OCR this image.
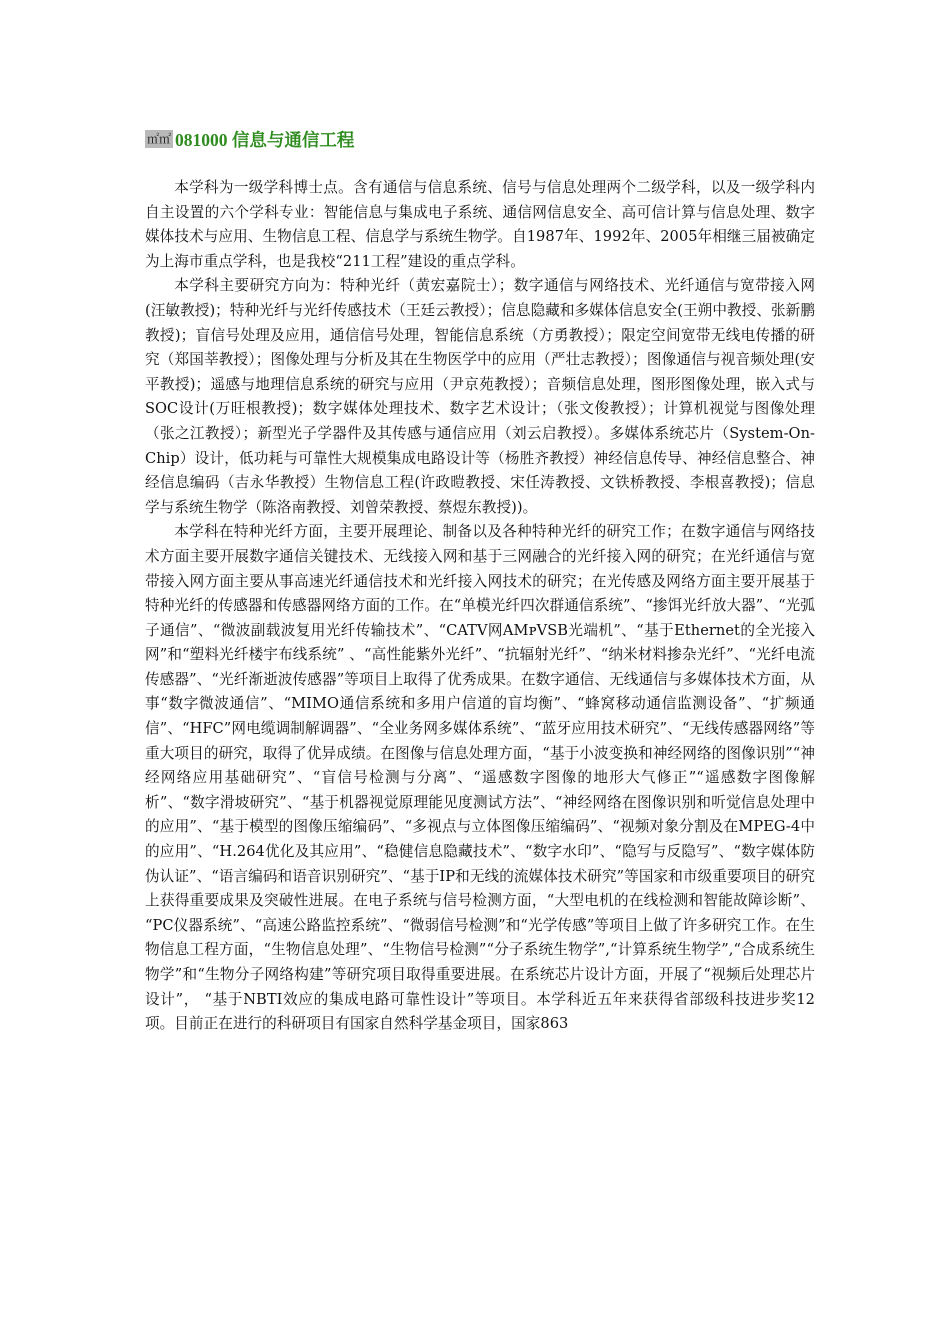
㎡㎡ 081000 信息与通信工程

本学科为一级学科博士点。含有通信与信息系统、信号与信息处理两个二级学科，以及一级学科内自主设置的六个学科专业：智能信息与集成电子系统、通信网信息安全、高可信计算与信息处理、数字媒体技术与应用、生物信息工程、信息学与系统生物学。自1987年、1992年、2005年相继三届被确定为上海市重点学科，也是我校“211工程”建设的重点学科。

本学科主要研究方向为：特种光纤（黄宏嘉院士）；数字通信与网络技术、光纤通信与宽带接入网(汪敏教授)；特种光纤与光纤传感技术（王廷云教授）；信息隐藏和多媒体信息安全(王朔中教授、张新鹏教授)；盲信号处理及应用，通信信号处理，智能信息系统（方勇教授）；限定空间宽带无线电传播的研究（郑国莘教授）；图像处理与分析及其在生物医学中的应用（严壮志教授）；图像通信与视音频处理(安平教授)；遥感与地理信息系统的研究与应用（尹京苑教授）；音频信息处理，图形图像处理，嵌入式与SOC设计(万旺根教授)；数字媒体处理技术、数字艺术设计；（张文俊教授）；计算机视觉与图像处理（张之江教授）；新型光子学器件及其传感与通信应用（刘云启教授）。多媒体系统芯片（System-On-Chip）设计，低功耗与可靠性大规模集成电路设计等（杨胜齐教授）神经信息传导、神经信息整合、神经信息编码（吉永华教授）生物信息工程(许政暟教授、宋任涛教授、文铁桥教授、李根喜教授)；信息学与系统生物学（陈洛南教授、刘曾荣教授、蔡煜东教授))。

本学科在特种光纤方面，主要开展理论、制备以及各种特种光纤的研究工作；在数字通信与网络技术方面主要开展数字通信关键技术、无线接入网和基于三网融合的光纤接入网的研究；在光纤通信与宽带接入网方面主要从事高速光纤通信技术和光纤接入网技术的研究；在光传感及网络方面主要开展基于特种光纤的传感器和传感器网络方面的工作。在“单模光纤四次群通信系统”、“掺饵光纤放大器”、“光弧子通信”、“微波副载波复用光纤传输技术”、“CATV网AMᴘVSB光端机”、“基于Ethernet的全光接入网”和“塑料光纤楼宇布线系统” 、“高性能紫外光纤”、“抗辐射光纤”、“纳米材料掺杂光纤”、“光纤电流传感器”、“光纤渐逝波传感器”等项目上取得了优秀成果。在数字通信、无线通信与多媒体技术方面，从事“数字微波通信”、“MIMO通信系统和多用户信道的盲均衡”、“蜂窝移动通信监测设备”、“扩频通信”、“HFC”网电缆调制解调器”、“全业务网多媒体系统”、“蓝牙应用技术研究”、“无线传感器网络”等重大项目的研究，取得了优异成绩。在图像与信息处理方面，“基于小波变换和神经网络的图像识别”“神经网络应用基础研究”、“盲信号检测与分离”、“遥感数字图像的地形大气修正”“遥感数字图像解析”、“数字滑坡研究”、“基于机器视觉原理能见度测试方法”、“神经网络在图像识别和听觉信息处理中的应用”、“基于模型的图像压缩编码”、“多视点与立体图像压缩编码”、“视频对象分割及在MPEG-4中的应用”、“H.264优化及其应用”、“稳健信息隐藏技术”、“数字水印”、“隐写与反隐写”、“数字媒体防伪认证”、“语言编码和语音识别研究”、“基于IP和无线的流媒体技术研究”等国家和市级重要项目的研究上获得重要成果及突破性进展。在电子系统与信号检测方面，“大型电机的在线检测和智能故障诊断”、 “PC仪器系统”、“高速公路监控系统”、“微弱信号检测”和“光学传感”等项目上做了许多研究工作。在生物信息工程方面，“生物信息处理”、“生物信号检测”“分子系统生物学”,“计算系统生物学”,“合成系统生物学”和“生物分子网络构建”等研究项目取得重要进展。在系统芯片设计方面，开展了“视频后处理芯片设计”， “基于NBTI效应的集成电路可靠性设计”等项目。本学科近五年来获得省部级科技进步奖12项。目前正在进行的科研项目有国家自然科学基金项目，国家863
